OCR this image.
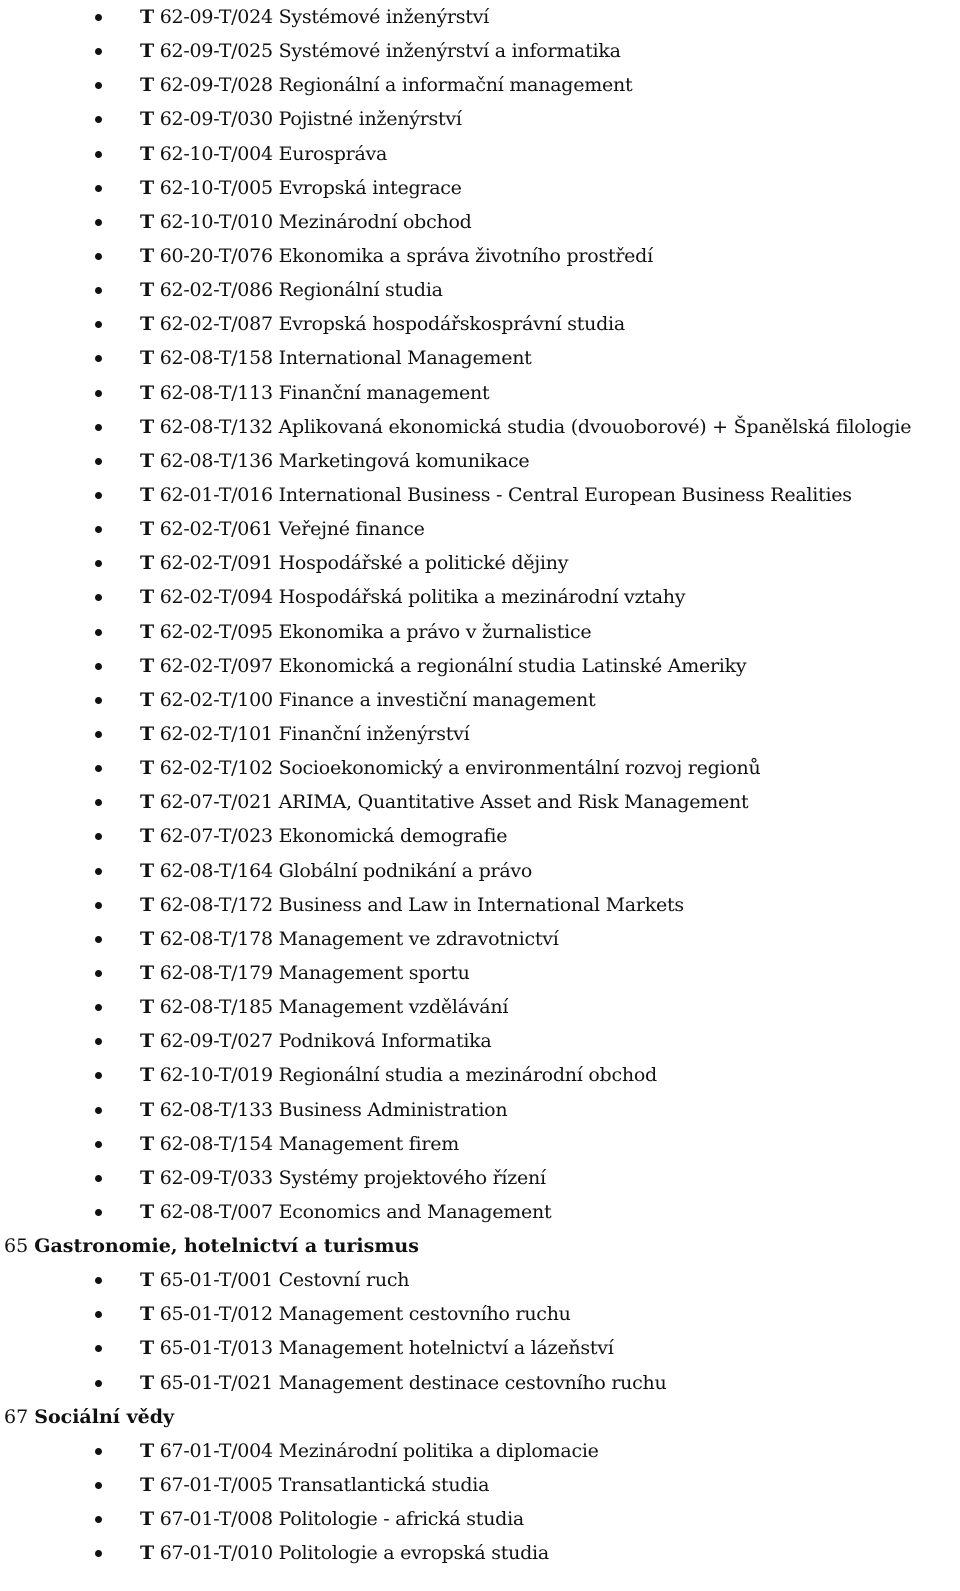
T 62-09-T/024 Systémové inženýrství
T 62-09-T/025 Systémové inženýrství a informatika
T 62-09-T/028 Regionální a informační management
T 62-09-T/030 Pojistné inženýrství
T 62-10-T/004 Eurospráva
T 62-10-T/005 Evropská integrace
T 62-10-T/010 Mezinárodní obchod
T 60-20-T/076 Ekonomika a správa životního prostředí
T 62-02-T/086 Regionální studia
T 62-02-T/087 Evropská hospodářskosprávní studia
T 62-08-T/158 International Management
T 62-08-T/113 Finanční management
T 62-08-T/132 Aplikovaná ekonomická studia (dvouoborové) + Španělská filologie
T 62-08-T/136 Marketingová komunikace
T 62-01-T/016 International Business - Central European Business Realities
T 62-02-T/061 Veřejné finance
T 62-02-T/091 Hospodářské a politické dějiny
T 62-02-T/094 Hospodářská politika a mezinárodní vztahy
T 62-02-T/095 Ekonomika a právo v žurnalistice
T 62-02-T/097 Ekonomická a regionální studia Latinské Ameriky
T 62-02-T/100 Finance a investiční management
T 62-02-T/101 Finanční inženýrství
T 62-02-T/102 Socioekonomický a environmentální rozvoj regionů
T 62-07-T/021 ARIMA, Quantitative Asset and Risk Management
T 62-07-T/023 Ekonomická demografie
T 62-08-T/164 Globální podnikání a právo
T 62-08-T/172 Business and Law in International Markets
T 62-08-T/178 Management ve zdravotnictví
T 62-08-T/179 Management sportu
T 62-08-T/185 Management vzdělávání
T 62-09-T/027 Podniková Informatika
T 62-10-T/019 Regionální studia a mezinárodní obchod
T 62-08-T/133 Business Administration
T 62-08-T/154 Management firem
T 62-09-T/033 Systémy projektového řízení
T 62-08-T/007 Economics and Management
65 Gastronomie, hotelnictví a turismus
T 65-01-T/001 Cestovní ruch
T 65-01-T/012 Management cestovního ruchu
T 65-01-T/013 Management hotelnictví a lázeňství
T 65-01-T/021 Management destinace cestovního ruchu
67 Sociální vědy
T 67-01-T/004 Mezinárodní politika a diplomacie
T 67-01-T/005 Transatlantická studia
T 67-01-T/008 Politologie - africká studia
T 67-01-T/010 Politologie a evropská studia
